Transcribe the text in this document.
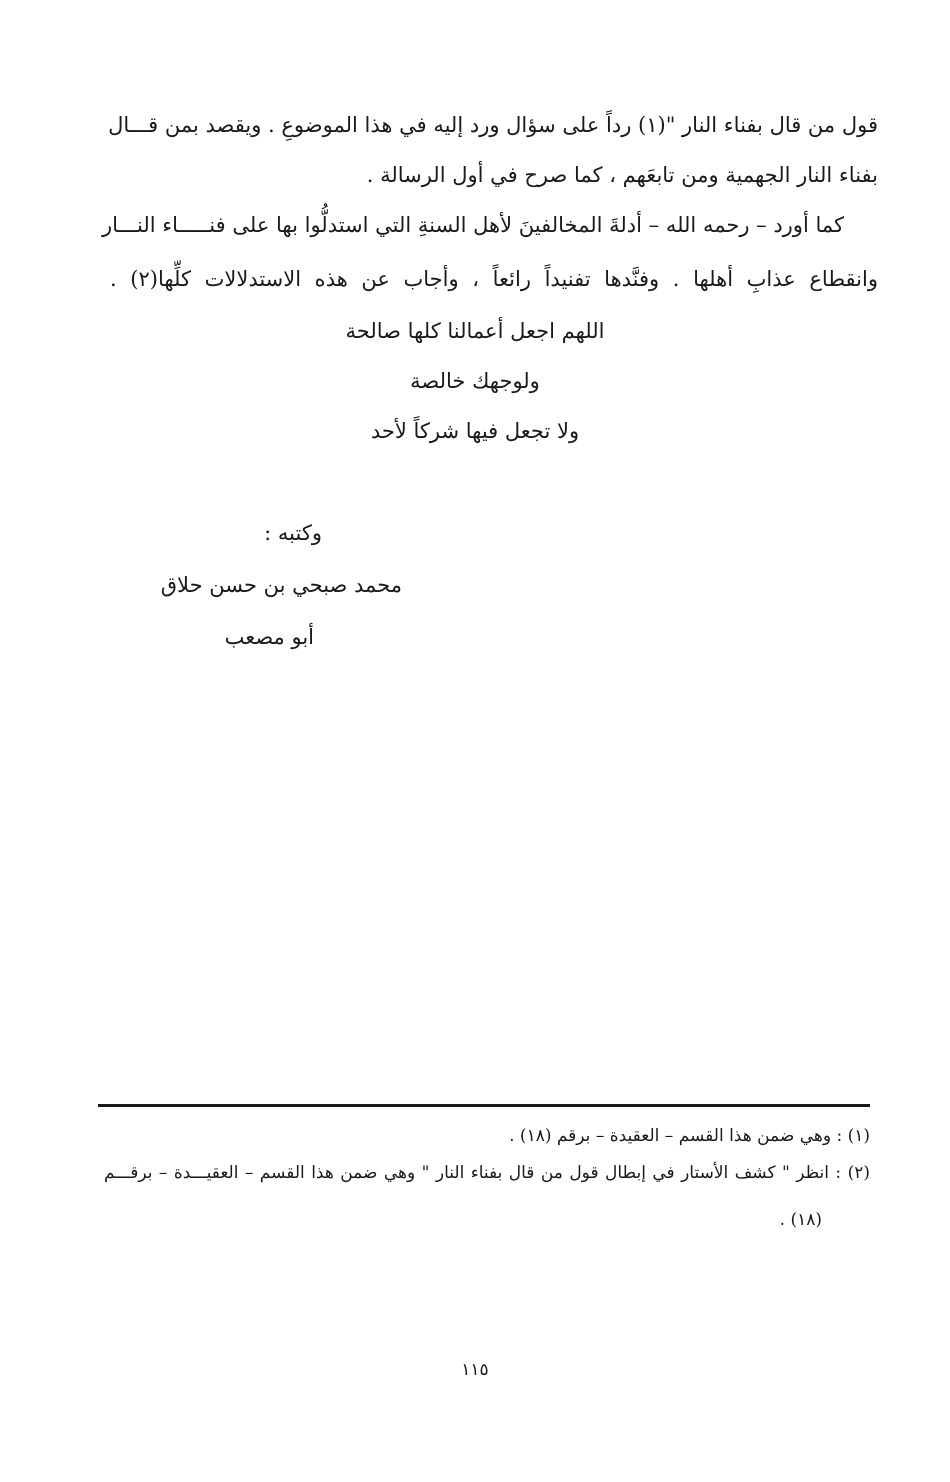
قول من قال بفناء النار "(١) رداً على سؤال ورد إليه في هذا الموضوعِ . ويقصد بمن قـــال
بفناء النار الجهمية ومن تابعَهم ، كما صرح في أول الرسالة .
كما أورد – رحمه الله – أدلةَ المخالفينَ لأهل السنةِ التي استدلُّوا بها على فنـــــاء النـــار
وانقطاع عذابِ أهلها . وفنَّدها تفنيداً رائعاً ، وأجاب عن هذه الاستدلالات كلِّها(٢) .
اللهم اجعل أعمالنا كلها صالحة
ولوجهك خالصة
ولا تجعل فيها شركاً لأحد
وكتبه :
محمد صبحي بن حسن حلاق
أبو مصعب
(١) : وهي ضمن هذا القسم – العقيدة – برقم (١٨) .
(٢) : انظر " كشف الأستار في إبطال قول من قال بفناء النار " وهي ضمن هذا القسم – العقيـــدة – برقـــم
(١٨) .
١١٥
